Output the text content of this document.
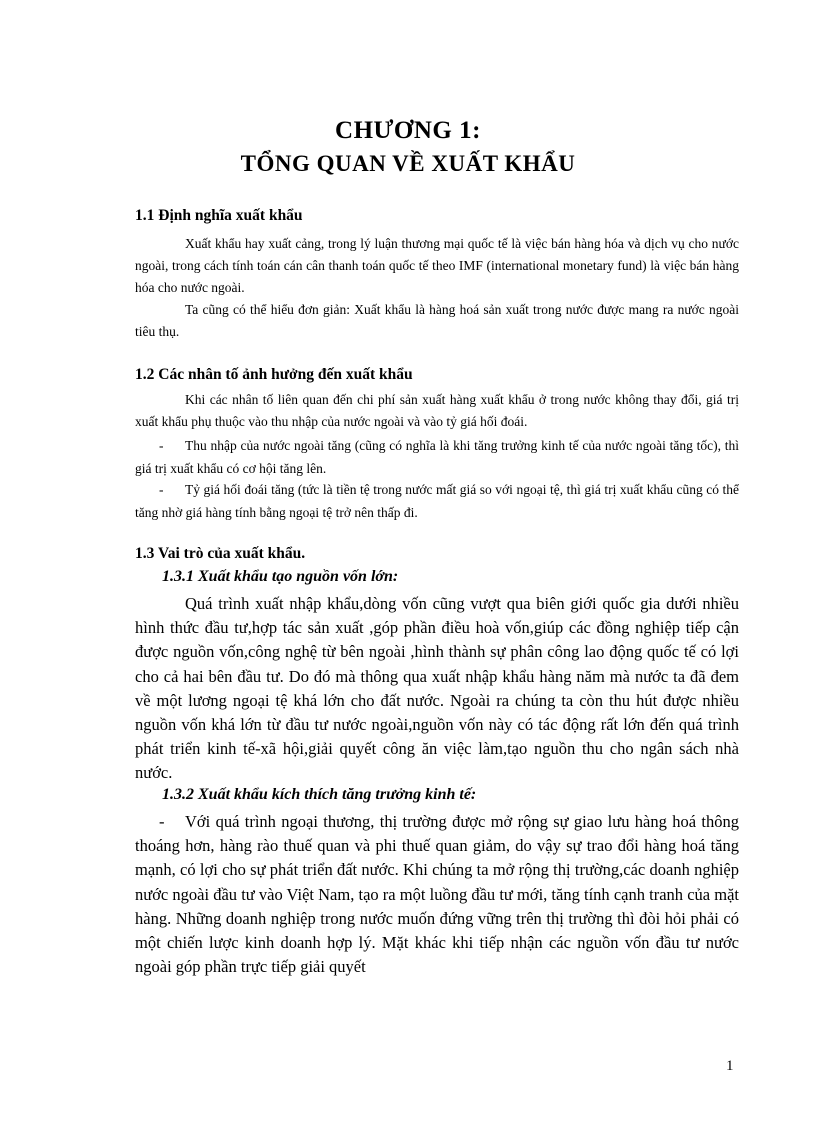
CHƯƠNG 1:
TỔNG QUAN VỀ XUẤT KHẨU
1.1 Định nghĩa xuất khẩu

Xuất khẩu hay xuất cảng, trong lý luận thương mại quốc tế là việc bán hàng hóa và dịch vụ cho nước ngoài, trong cách tính toán cán cân thanh toán quốc tế theo IMF (international monetary fund) là việc bán hàng hóa cho nước ngoài.

Ta cũng có thể hiểu đơn giản: Xuất khẩu là hàng hoá sản xuất trong nước được mang ra nước ngoài tiêu thụ.

1.2 Các nhân tố ảnh hưởng đến xuất khẩu

Khi các nhân tố liên quan đến chi phí sản xuất hàng xuất khẩu ở trong nước không thay đổi, giá trị xuất khẩu phụ thuộc vào thu nhập của nước ngoài và vào tỷ giá hối đoái.

- Thu nhập của nước ngoài tăng (cũng có nghĩa là khi tăng trưởng kinh tế của nước ngoài tăng tốc), thì giá trị xuất khẩu có cơ hội tăng lên.

- Tỷ giá hối đoái tăng (tức là tiền tệ trong nước mất giá so với ngoại tệ, thì giá trị xuất khẩu cũng có thể tăng nhờ giá hàng tính bằng ngoại tệ trở nên thấp đi.

1.3 Vai trò của xuất khẩu.
1.3.1 Xuất khẩu tạo nguồn vốn lớn:

Quá trình xuất nhập khẩu,dòng vốn cũng vượt qua biên giới quốc gia dưới nhiều hình thức đầu tư,hợp tác sản xuất ,góp phần điều hoà vốn,giúp các đồng nghiệp tiếp cận được nguồn vốn,công nghệ từ bên ngoài ,hình thành sự phân công lao động quốc tế có lợi cho cả hai bên đầu tư. Do đó mà thông qua xuất nhập khẩu hàng năm mà nước ta đã đem về một lương ngoại tệ khá lớn cho đất nước. Ngoài ra chúng ta còn thu hút được nhiều nguồn vốn khá lớn từ đầu tư nước ngoài,nguồn vốn này có tác động rất lớn đến quá trình phát triển kinh tế-xã hội,giải quyết công ăn việc làm,tạo nguồn thu cho ngân sách nhà nước.

1.3.2 Xuất khẩu kích thích tăng trưởng kinh tế:

- Với quá trình ngoại thương, thị trường được mở rộng sự giao lưu hàng hoá thông thoáng hơn, hàng rào thuế quan và phi thuế quan giảm, do vậy sự trao đổi hàng hoá tăng mạnh, có lợi cho sự phát triển đất nước. Khi chúng ta mở rộng thị trường,các doanh nghiệp nước ngoài đầu tư vào Việt Nam, tạo ra một luồng đầu tư mới, tăng tính cạnh tranh của mặt hàng. Những doanh nghiệp trong nước muốn đứng vững trên thị trường thì đòi hỏi phải có một chiến lược kinh doanh hợp lý. Mặt khác khi tiếp nhận các nguồn vốn đầu tư nước ngoài góp phần trực tiếp giải quyết

1
